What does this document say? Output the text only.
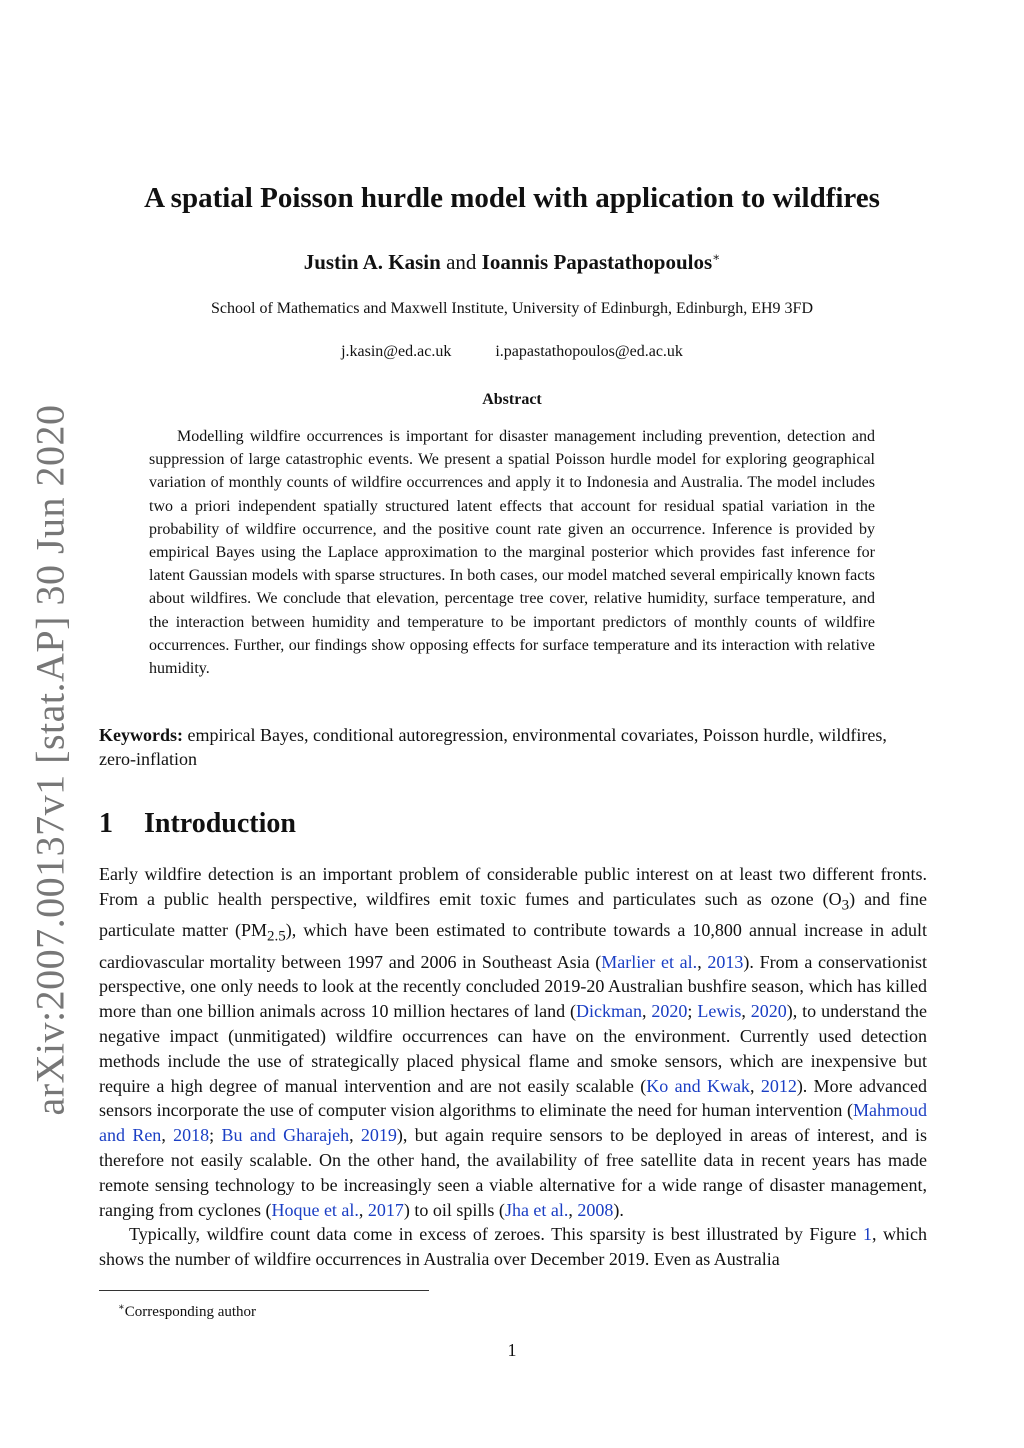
arXiv:2007.00137v1 [stat.AP] 30 Jun 2020
A spatial Poisson hurdle model with application to wildfires
Justin A. Kasin and Ioannis Papastathopoulos∗
School of Mathematics and Maxwell Institute, University of Edinburgh, Edinburgh, EH9 3FD
j.kasin@ed.ac.uk	i.papastathopoulos@ed.ac.uk
Abstract

Modelling wildfire occurrences is important for disaster management including prevention, detection and suppression of large catastrophic events. We present a spatial Poisson hurdle model for exploring geographical variation of monthly counts of wildfire occurrences and apply it to Indonesia and Australia. The model includes two a priori independent spatially structured latent effects that account for residual spatial variation in the probability of wildfire occurrence, and the positive count rate given an occurrence. Inference is provided by empirical Bayes using the Laplace approximation to the marginal posterior which provides fast inference for latent Gaussian models with sparse structures. In both cases, our model matched several empirically known facts about wildfires. We conclude that elevation, percentage tree cover, relative humidity, surface temperature, and the interaction between humidity and temperature to be important predictors of monthly counts of wildfire occurrences. Further, our findings show opposing effects for surface temperature and its interaction with relative humidity.

Keywords: empirical Bayes, conditional autoregression, environmental covariates, Poisson hurdle, wildfires, zero-inflation

1 Introduction

Early wildfire detection is an important problem of considerable public interest on at least two different fronts. From a public health perspective, wildfires emit toxic fumes and particulates such as ozone $(O_3)$ and fine particulate matter $(PM_{2.5})$, which have been estimated to contribute towards a 10,800 annual increase in adult cardiovascular mortality between 1997 and 2006 in Southeast Asia (Marlier et al., 2013). From a conservationist perspective, one only needs to look at the recently concluded 2019-20 Australian bushfire season, which has killed more than one billion animals across 10 million hectares of land (Dickman, 2020; Lewis, 2020), to understand the negative impact (unmitigated) wildfire occurrences can have on the environment. Currently used detection methods include the use of strategically placed physical flame and smoke sensors, which are inexpensive but require a high degree of manual intervention and are not easily scalable (Ko and Kwak, 2012). More advanced sensors incorporate the use of computer vision algorithms to eliminate the need for human intervention (Mahmoud and Ren, 2018; Bu and Gharajeh, 2019), but again require sensors to be deployed in areas of interest, and is therefore not easily scalable. On the other hand, the availability of free satellite data in recent years has made remote sensing technology to be increasingly seen a viable alternative for a wide range of disaster management, ranging from cyclones (Hoque et al., 2017) to oil spills (Jha et al., 2008).

Typically, wildfire count data come in excess of zeroes. This sparsity is best illustrated by Figure 1, which shows the number of wildfire occurrences in Australia over December 2019. Even as Australia

∗Corresponding author
1
